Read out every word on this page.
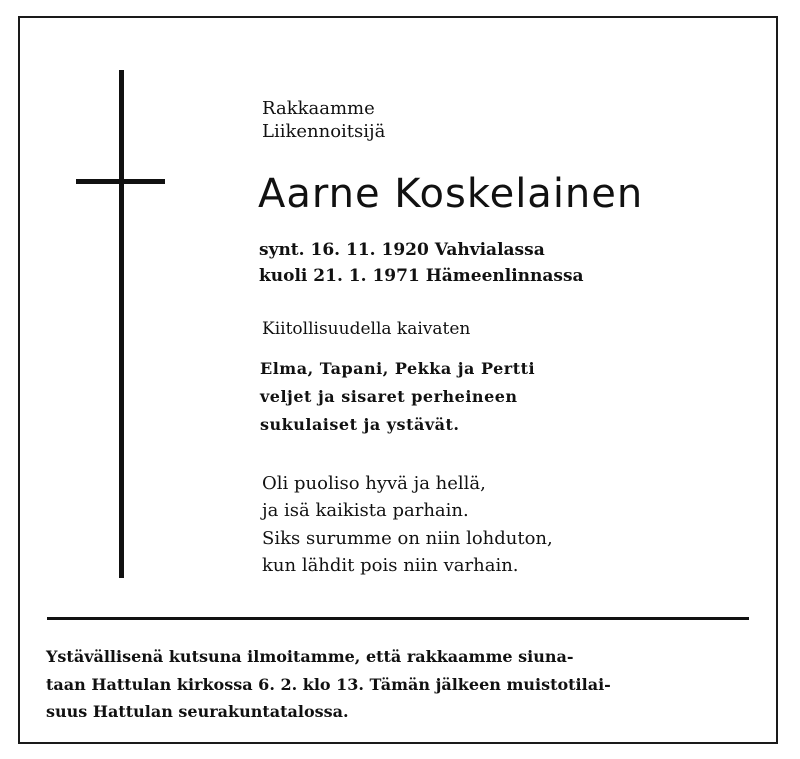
Rakkaamme
Liikennoitsijä
Aarne Koskelainen
synt. 16. 11. 1920 Vahvialassa
kuoli 21. 1. 1971 Hämeenlinnassa
Kiitollisuudella kaivaten
Elma, Tapani, Pekka ja Pertti
veljet ja sisaret perheineen
sukulaiset ja ystävät.
Oli puoliso hyvä ja hellä,
ja isä kaikista parhain.
Siks surumme on niin lohduton,
kun lähdit pois niin varhain.
Ystävällisenä kutsuna ilmoitamme, että rakkaamme siuna-
taan Hattulan kirkossa 6. 2. klo 13. Tämän jälkeen muistotilai-
suus Hattulan seurakuntatalossa.
